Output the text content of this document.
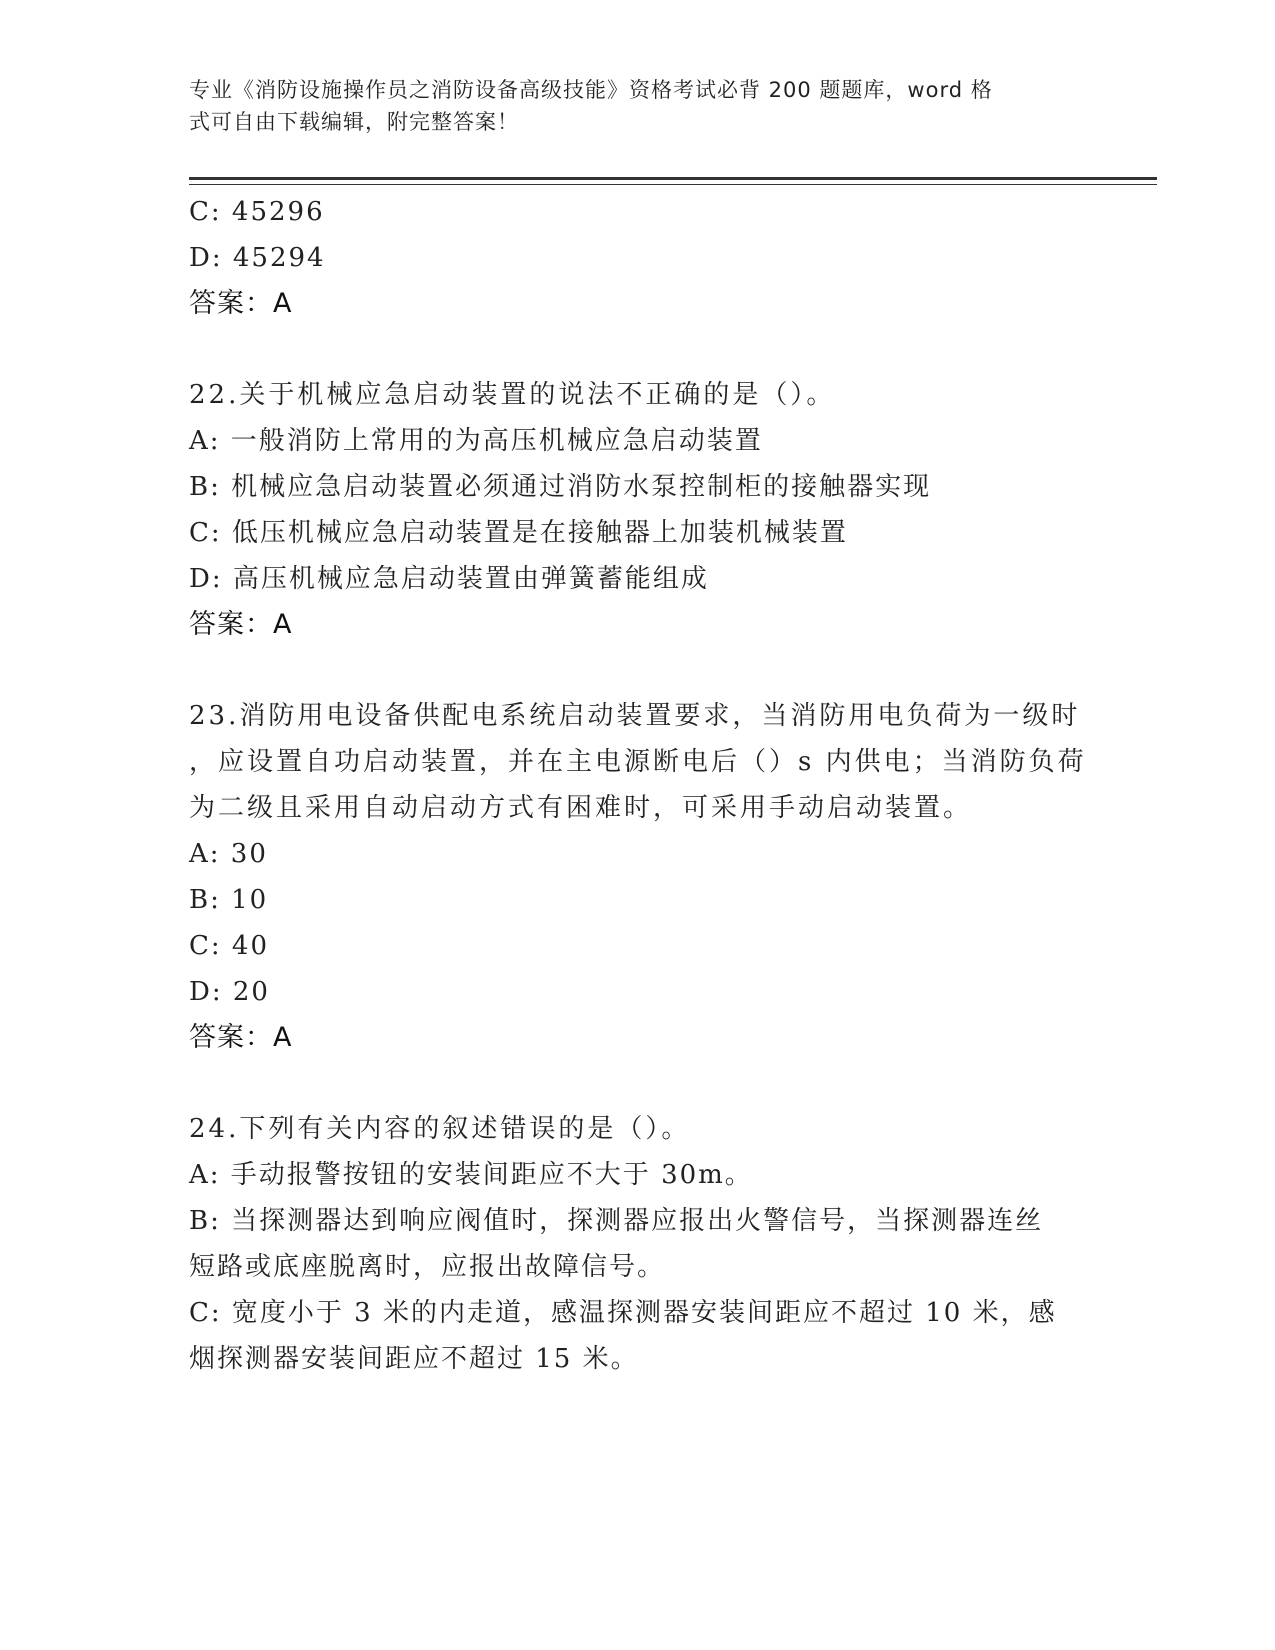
专业《消防设施操作员之消防设备高级技能》资格考试必背 200 题题库，word 格
式可自由下载编辑，附完整答案！
C: 45296
D: 45294
答案：A
22.关于机械应急启动装置的说法不正确的是（）。
A: 一般消防上常用的为高压机械应急启动装置
B: 机械应急启动装置必须通过消防水泵控制柜的接触器实现
C: 低压机械应急启动装置是在接触器上加装机械装置
D: 高压机械应急启动装置由弹簧蓄能组成
答案：A
23.消防用电设备供配电系统启动装置要求，当消防用电负荷为一级时
，应设置自功启动装置，并在主电源断电后（）s 内供电；当消防负荷
为二级且采用自动启动方式有困难时，可采用手动启动装置。
A: 30
B: 10
C: 40
D: 20
答案：A
24.下列有关内容的叙述错误的是（）。
A: 手动报警按钮的安装间距应不大于 30m。
B: 当探测器达到响应阀值时，探测器应报出火警信号，当探测器连丝
短路或底座脱离时，应报出故障信号。
C: 宽度小于 3 米的内走道，感温探测器安装间距应不超过 10 米，感
烟探测器安装间距应不超过 15 米。
